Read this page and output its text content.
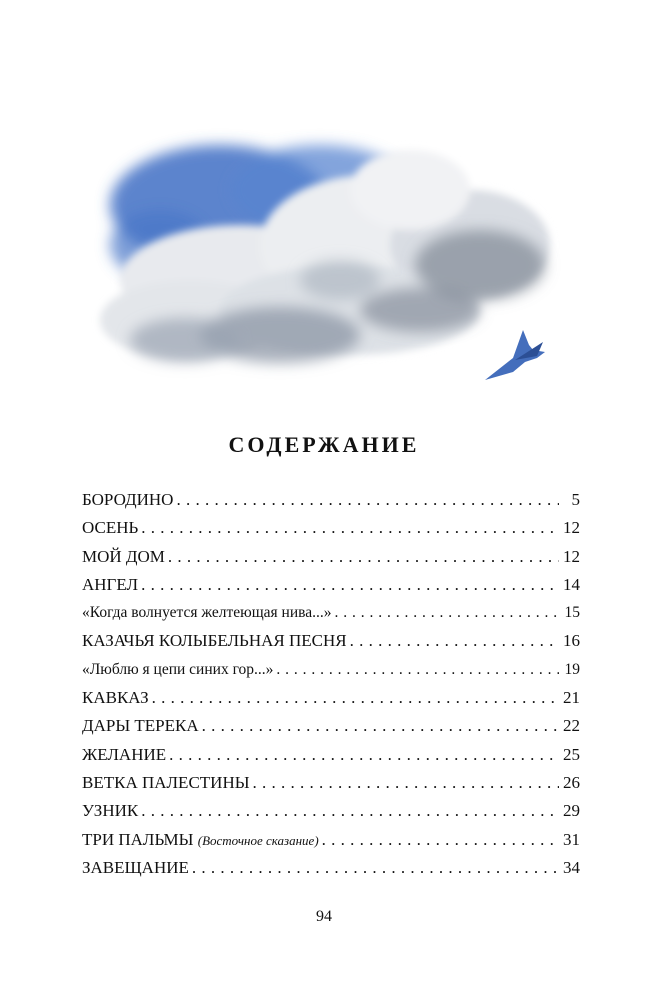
СОДЕРЖАНИЕ
БОРОДИНО . . .	5
ОСЕНЬ . . .	12
МОЙ ДОМ . . .	12
АНГЕЛ . . .	14
«Когда волнуется желтеющая нива...» . . .	15
КАЗАЧЬЯ КОЛЫБЕЛЬНАЯ ПЕСНЯ . . .	16
«Люблю я цепи синих гор...» . . .	19
КАВКАЗ . . .	21
ДАРЫ ТЕРЕКА . . .	22
ЖЕЛАНИЕ . . .	25
ВЕТКА ПАЛЕСТИНЫ . . .	26
УЗНИК . . .	29
ТРИ ПАЛЬМЫ (Восточное сказание) . . .	31
ЗАВЕЩАНИЕ . . .	34
94
